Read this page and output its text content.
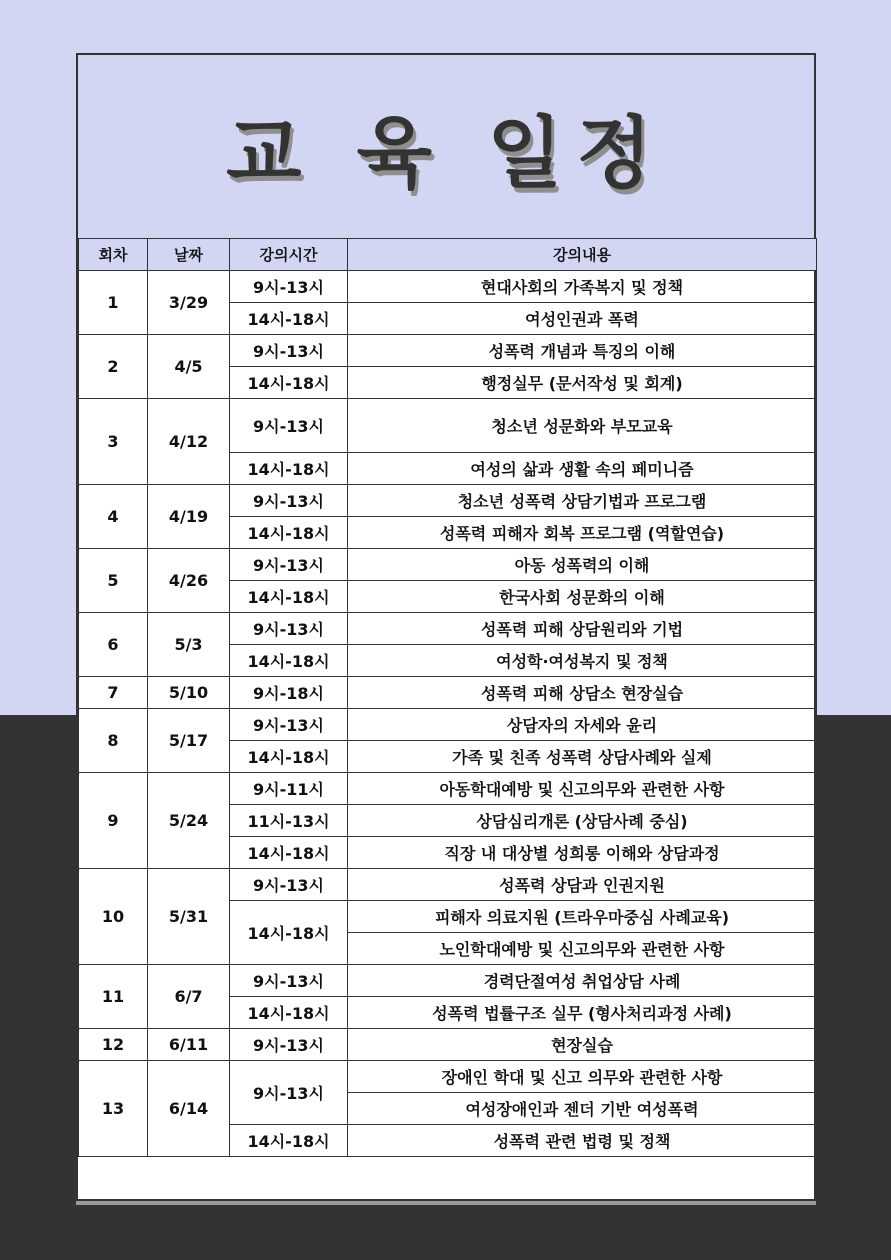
교 육 일정
회차	날짜	강의시간	강의내용
1	3/29	9시-13시	현대사회의 가족복지 및 정책
		14시-18시	여성인권과 폭력
2	4/5	9시-13시	성폭력 개념과 특징의 이해
		14시-18시	행정실무 (문서작성 및 회계)
3	4/12	9시-13시	청소년 성문화와 부모교육
		14시-18시	여성의 삶과 생활 속의 페미니즘
4	4/19	9시-13시	청소년 성폭력 상담기법과 프로그램
		14시-18시	성폭력 피해자 회복 프로그램 (역할연습)
5	4/26	9시-13시	아동 성폭력의 이해
		14시-18시	한국사회 성문화의 이해
6	5/3	9시-13시	성폭력 피해 상담원리와 기법
		14시-18시	여성학·여성복지 및 정책
7	5/10	9시-18시	성폭력 피해 상담소 현장실습
8	5/17	9시-13시	상담자의 자세와 윤리
		14시-18시	가족 및 친족 성폭력 상담사례와 실제
9	5/24	9시-11시	아동학대예방 및 신고의무와 관련한 사항
		11시-13시	상담심리개론 (상담사례 중심)
		14시-18시	직장 내 대상별 성희롱 이해와 상담과정
10	5/31	9시-13시	성폭력 상담과 인권지원
		14시-18시	피해자 의료지원 (트라우마중심 사례교육)
			노인학대예방 및 신고의무와 관련한 사항
11	6/7	9시-13시	경력단절여성 취업상담 사례
		14시-18시	성폭력 법률구조 실무 (형사처리과정 사례)
12	6/11	9시-13시	현장실습
13	6/14	9시-13시	장애인 학대 및 신고 의무와 관련한 사항
			여성장애인과 젠더 기반 여성폭력
		14시-18시	성폭력 관련 법령 및 정책
